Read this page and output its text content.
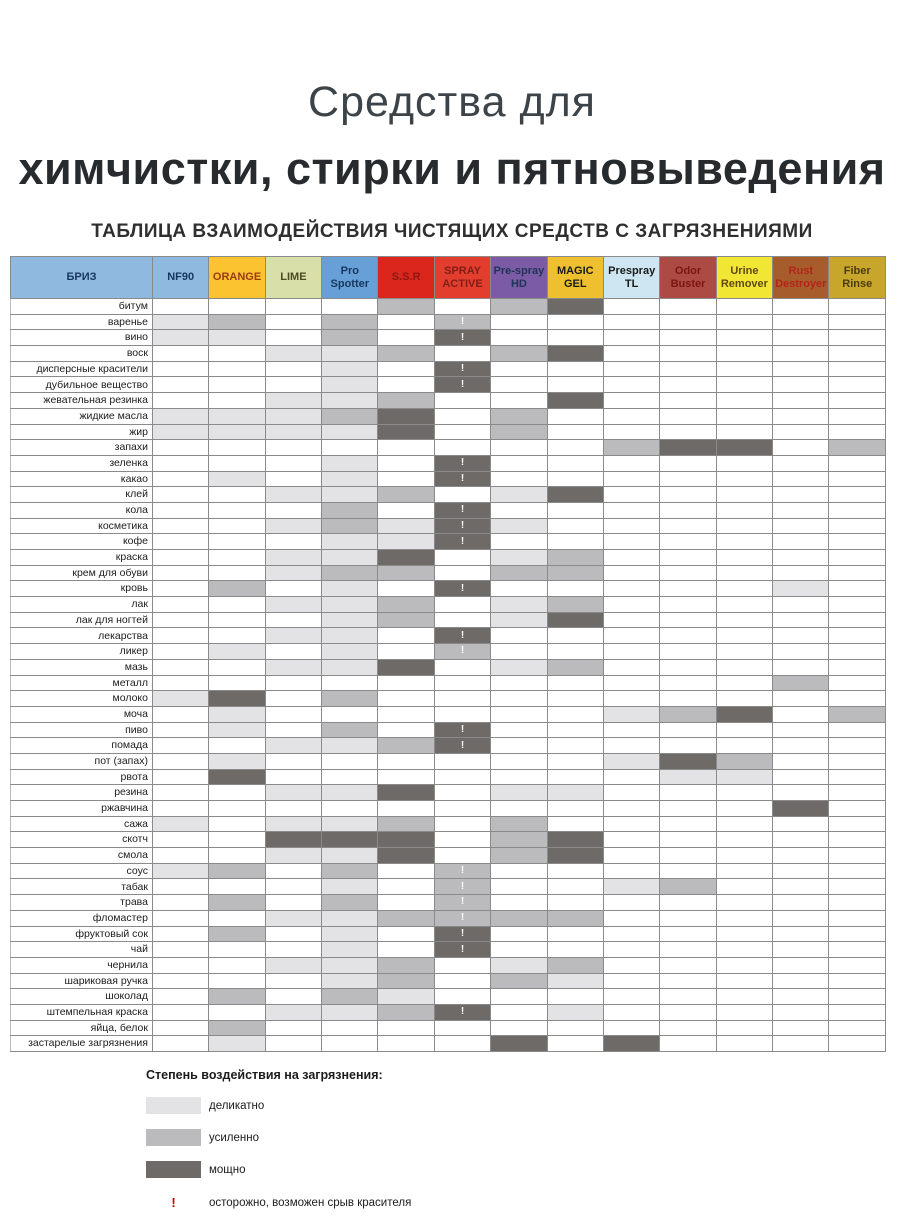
Средства для
химчистки, стирки и пятновыведения
ТАБЛИЦА ВЗАИМОДЕЙСТВИЯ ЧИСТЯЩИХ СРЕДСТВ С ЗАГРЯЗНЕНИЯМИ
БРИЗ	NF90	ORANGE	LIME	Pro Spotter	S.S.R	SPRAY ACTIVE	Pre-spray HD	MAGIC GEL	Prespray TL	Odor Buster	Urine Remover	Rust Destroyer	Fiber Rinse
битум													
варенье						!							

вино						!							

воск													
дисперсные красители						!							

дубильное вещество						!							

жевательная резинка													
жидкие масла													
жир													
запахи													
зеленка						!							

какао						!							

клей													
кола						!							

косметика						!							

кофе						!							

краска													
крем для обуви													
кровь						!							

лак													
лак для ногтей													
лекарства						!							

ликер						!							

мазь													
металл													
молоко													
моча													
пиво						!							

помада						!							

пот (запах)													
рвота													
резина													
ржавчина													
сажа													
скотч													
смола													
соус						!							

табак						!							

трава						!							

фломастер						!							

фруктовый сок						!							

чай						!							

чернила													
шариковая ручка													
шоколад													
штемпельная краска						!							

яйца, белок													
застарелые загрязнения													
Степень воздействия на загрязнения:
деликатно
усиленно
мощно
!	осторожно, возможен срыв красителя
